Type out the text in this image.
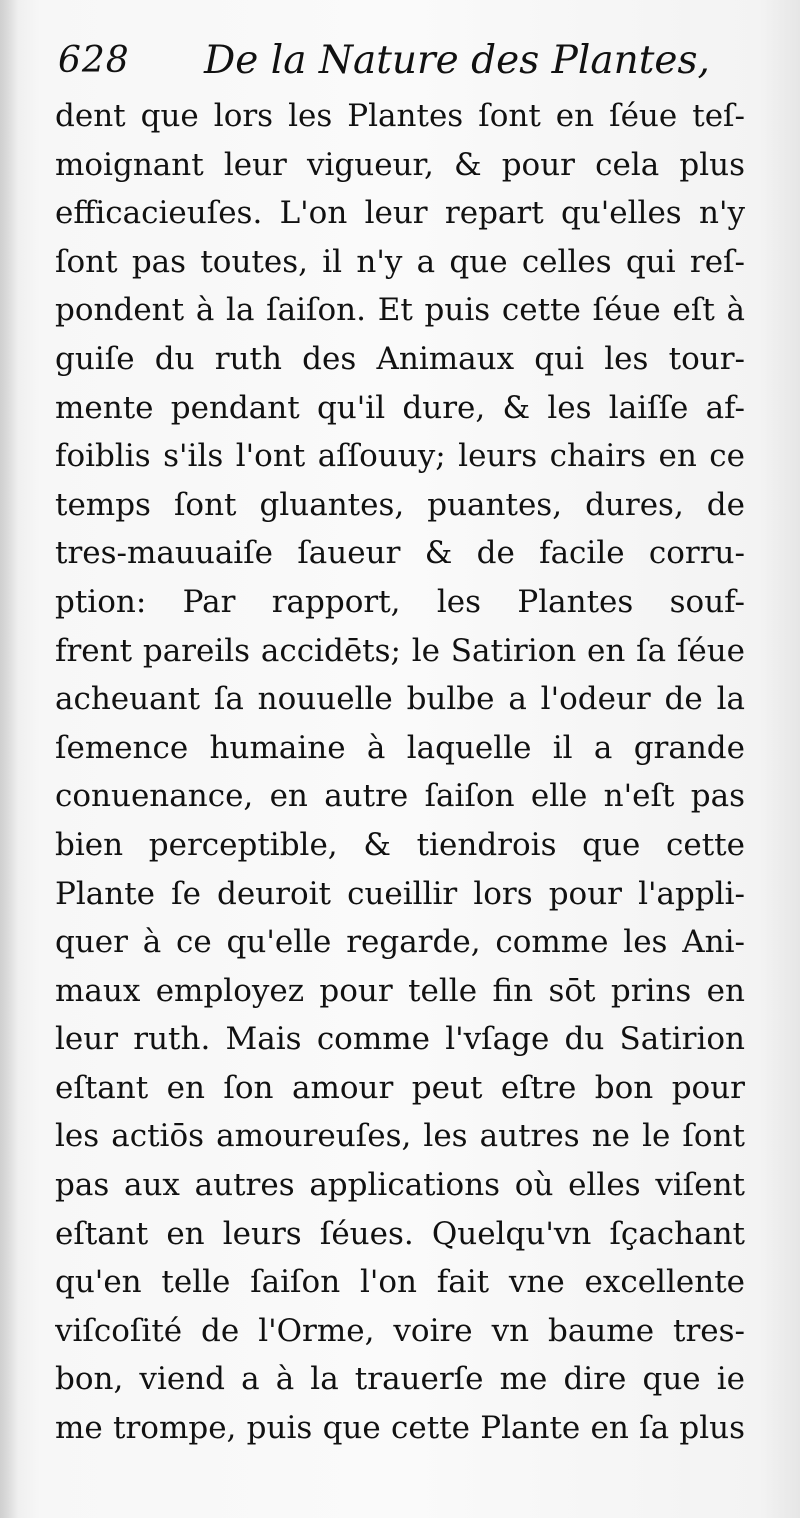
628 De la Nature des Plantes,
dent que lors les Plantes ſont en ſéue teſ-
moignant leur vigueur, & pour cela plus
efficacieuſes. L'on leur repart qu'elles n'y
ſont pas toutes, il n'y a que celles qui reſ-
pondent à la ſaiſon. Et puis cette ſéue eſt à
guiſe du ruth des Animaux qui les tour-
mente pendant qu'il dure, & les laiſſe af-
foiblis s'ils l'ont aſſouuy; leurs chairs en ce
temps ſont gluantes, puantes, dures, de
tres-mauuaiſe ſaueur & de facile corru-
ption: Par rapport, les Plantes souf-
frent pareils accidēts; le Satirion en ſa ſéue
acheuant ſa nouuelle bulbe a l'odeur de la
ſemence humaine à laquelle il a grande
conuenance, en autre ſaiſon elle n'eſt pas
bien perceptible, & tiendrois que cette
Plante ſe deuroit cueillir lors pour l'appli-
quer à ce qu'elle regarde, comme les Ani-
maux employez pour telle fin sōt prins en
leur ruth. Mais comme l'vſage du Satirion
eſtant en ſon amour peut eſtre bon pour
les actiōs amoureuſes, les autres ne le ſont
pas aux autres applications où elles viſent
eſtant en leurs ſéues. Quelqu'vn ſçachant
qu'en telle ſaiſon l'on fait vne excellente
viſcoſité de l'Orme, voire vn baume tres-
bon, viend a à la trauerſe me dire que ie
me trompe, puis que cette Plante en ſa plus
